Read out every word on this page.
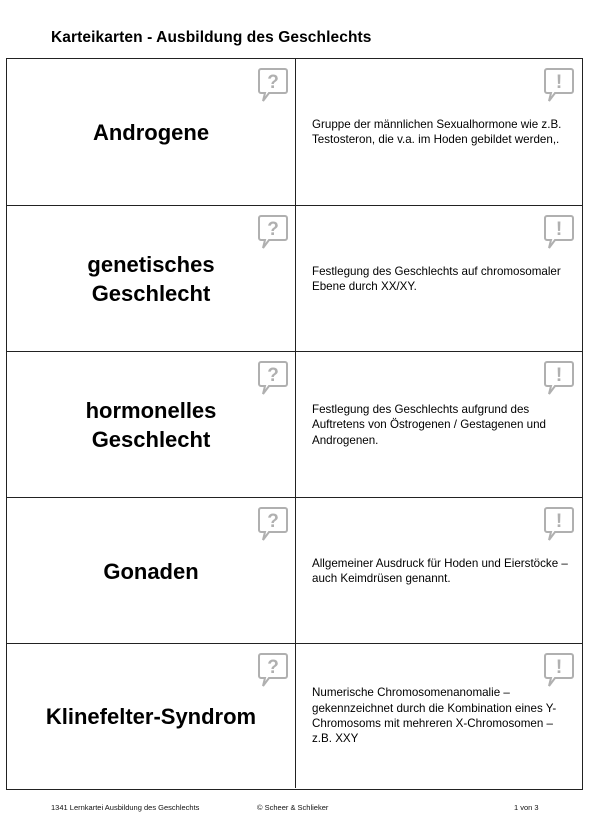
Karteikarten - Ausbildung des Geschlechts
?
Androgene
!
Gruppe der männlichen Sexualhormone wie z.B. Testosteron, die v.a. im Hoden gebildet werden,.
?
genetisches Geschlecht
!
Festlegung des Geschlechts auf chromosomaler Ebene durch XX/XY.
?
hormonelles Geschlecht
!
Festlegung des Geschlechts aufgrund des Auftretens von Östrogenen / Gestagenen und Androgenen.
?
Gonaden
!
Allgemeiner Ausdruck für Hoden und Eierstöcke – auch Keimdrüsen genannt.
?
Klinefelter-Syndrom
!
Numerische Chromosomenanomalie – gekennzeichnet durch die Kombination eines Y-Chromosoms mit mehreren X-Chromosomen – z.B. XXY
1341 Lernkartei Ausbildung des Geschlechts	© Scheer & Schlieker	1 von 3
